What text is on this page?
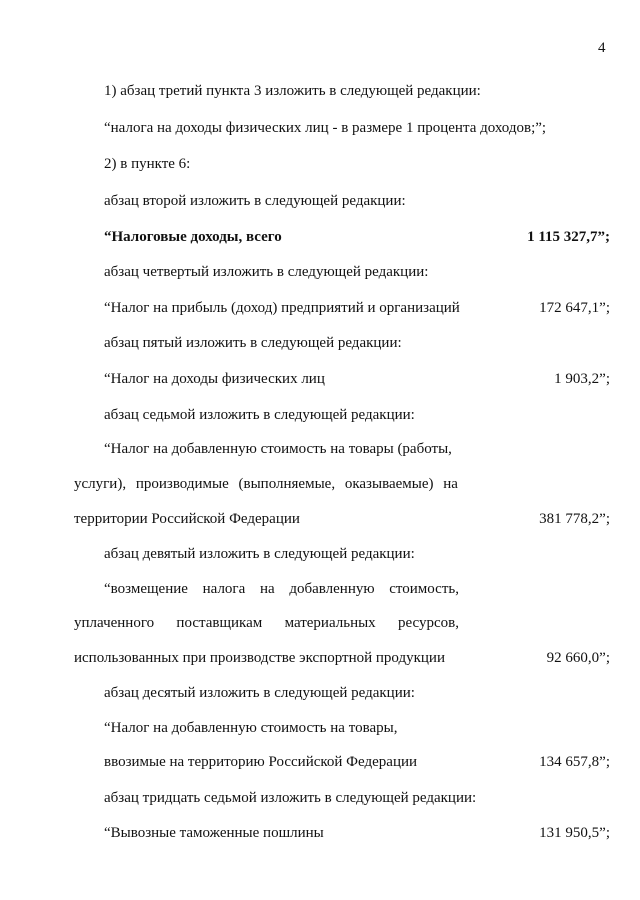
4
1) абзац третий пункта 3 изложить в следующей редакции:
“налога на доходы физических лиц - в размере 1 процента доходов;”;
2) в пункте 6:
абзац второй изложить в следующей редакции:
“Налоговые доходы, всего	1 115 327,7”;
абзац четвертый изложить в следующей редакции:
“Налог на прибыль (доход) предприятий и организаций	172 647,1”;
абзац пятый изложить в следующей редакции:
“Налог на доходы физических лиц	1 903,2”;
абзац седьмой изложить в следующей редакции:
“Налог на добавленную стоимость на товары (работы,
услуги), производимые (выполняемые, оказываемые) на
территории Российской Федерации	381 778,2”;
абзац девятый изложить в следующей редакции:
“возмещение налога на добавленную стоимость,
уплаченного поставщикам материальных ресурсов,
использованных при производстве экспортной продукции	92 660,0”;
абзац десятый изложить в следующей редакции:
“Налог на добавленную стоимость на товары,
ввозимые на территорию Российской Федерации	134 657,8”;
абзац тридцать седьмой изложить в следующей редакции:
“Вывозные таможенные пошлины	131 950,5”;
